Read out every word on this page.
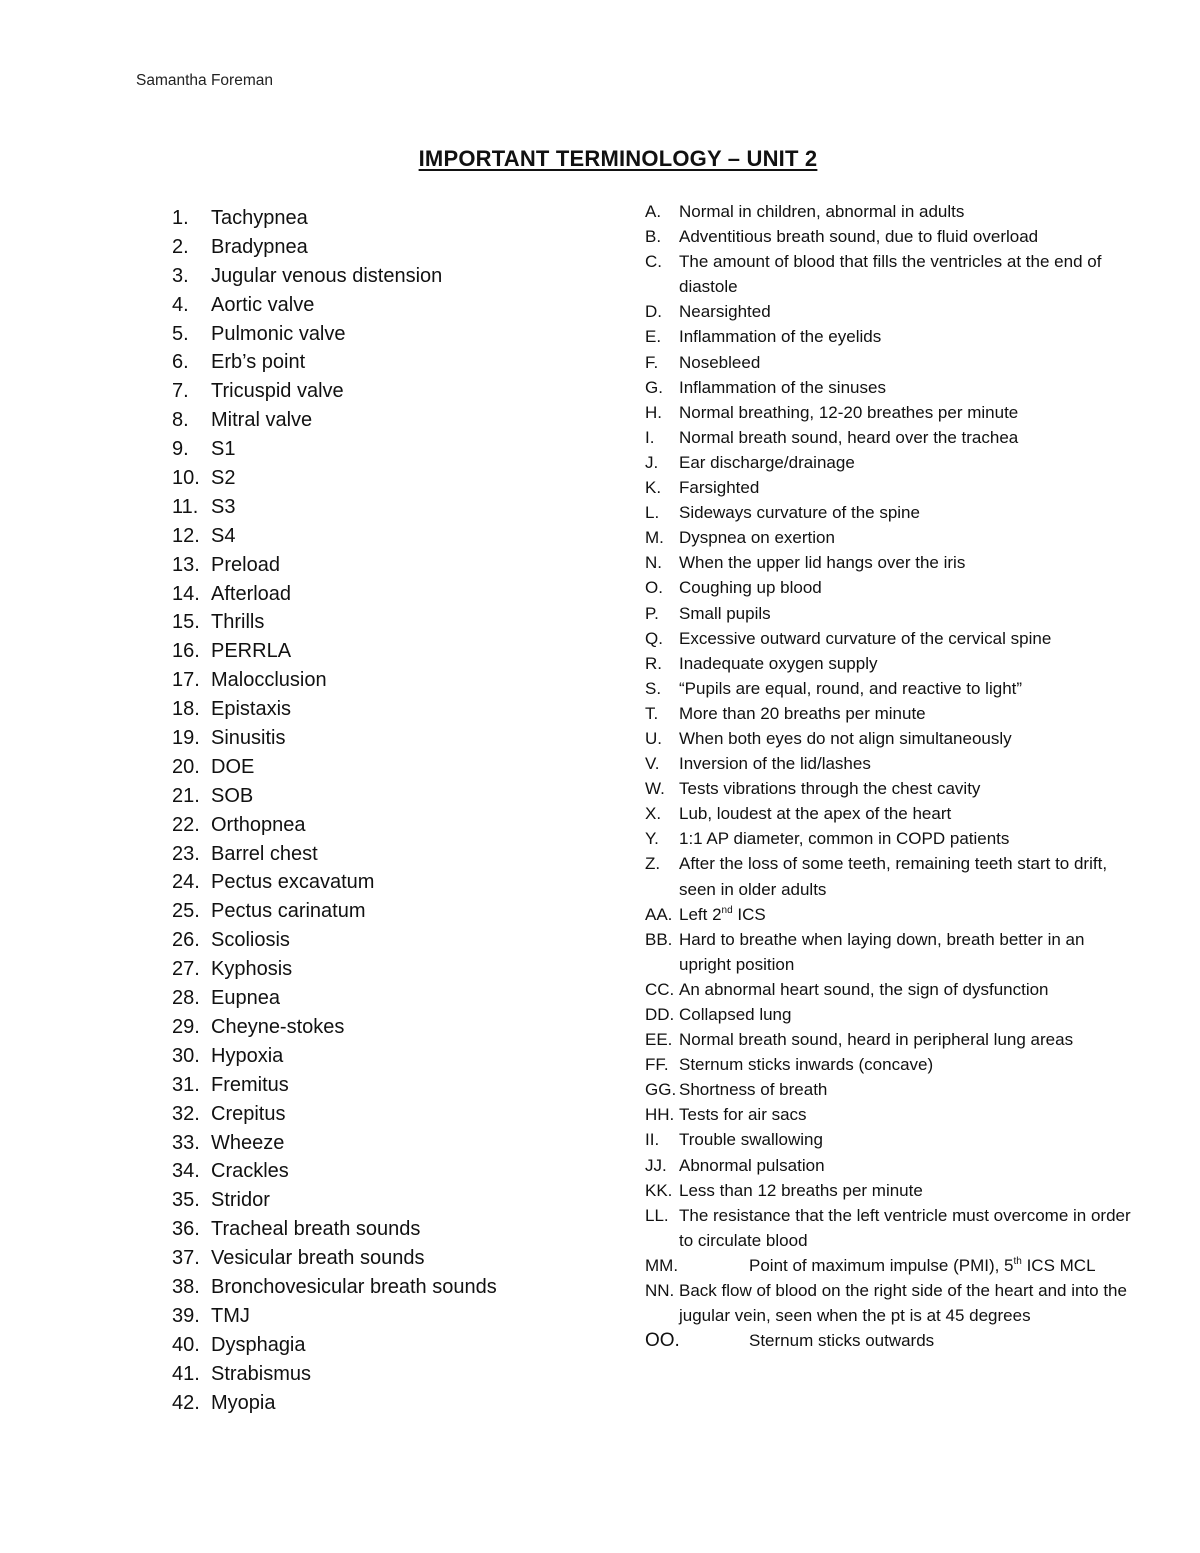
Samantha Foreman
IMPORTANT TERMINOLOGY – UNIT 2
1.	Tachypnea
2.	Bradypnea
3.	Jugular venous distension
4.	Aortic valve
5.	Pulmonic valve
6.	Erb’s point
7.	Tricuspid valve
8.	Mitral valve
9.	S1
10. S2
11. S3
12. S4
13. Preload
14. Afterload
15. Thrills
16. PERRLA
17. Malocclusion
18. Epistaxis
19. Sinusitis
20. DOE
21. SOB
22. Orthopnea
23. Barrel chest
24. Pectus excavatum
25. Pectus carinatum
26. Scoliosis
27. Kyphosis
28. Eupnea
29. Cheyne-stokes
30. Hypoxia
31. Fremitus
32. Crepitus
33. Wheeze
34. Crackles
35. Stridor
36. Tracheal breath sounds
37. Vesicular breath sounds
38. Bronchovesicular breath sounds
39. TMJ
40. Dysphagia
41. Strabismus
42. Myopia
A.	Normal in children, abnormal in adults
B.	Adventitious breath sound, due to fluid overload
C.	The amount of blood that fills the ventricles at the end of diastole
D.	Nearsighted
E.	Inflammation of the eyelids
F.	Nosebleed
G. Inflammation of the sinuses
H.	Normal breathing, 12-20 breathes per minute
I.	Normal breath sound, heard over the trachea
J.	Ear discharge/drainage
K.	Farsighted
L.	Sideways curvature of the spine
M. Dyspnea on exertion
N.	When the upper lid hangs over the iris
O. Coughing up blood
P.	Small pupils
Q. Excessive outward curvature of the cervical spine
R.	Inadequate oxygen supply
S.	“Pupils are equal, round, and reactive to light”
T.	More than 20 breaths per minute
U.	When both eyes do not align simultaneously
V.	Inversion of the lid/lashes
W. Tests vibrations through the chest cavity
X.	Lub, loudest at the apex of the heart
Y.	1:1 AP diameter, common in COPD patients
Z.	After the loss of some teeth, remaining teeth start to drift, seen in older adults
AA. Left 2nd ICS
BB. Hard to breathe when laying down, breath better in an upright position
CC. An abnormal heart sound, the sign of dysfunction
DD. Collapsed lung
EE. Normal breath sound, heard in peripheral lung areas
FF. Sternum sticks inwards (concave)
GG. Shortness of breath
HH. Tests for air sacs
II.	Trouble swallowing
JJ. Abnormal pulsation
KK. Less than 12 breaths per minute
LL. The resistance that the left ventricle must overcome in order to circulate blood
MM.	Point of maximum impulse (PMI), 5th ICS MCL
NN. Back flow of blood on the right side of the heart and into the jugular vein, seen when the pt is at 45 degrees
OO.	Sternum sticks outwards
